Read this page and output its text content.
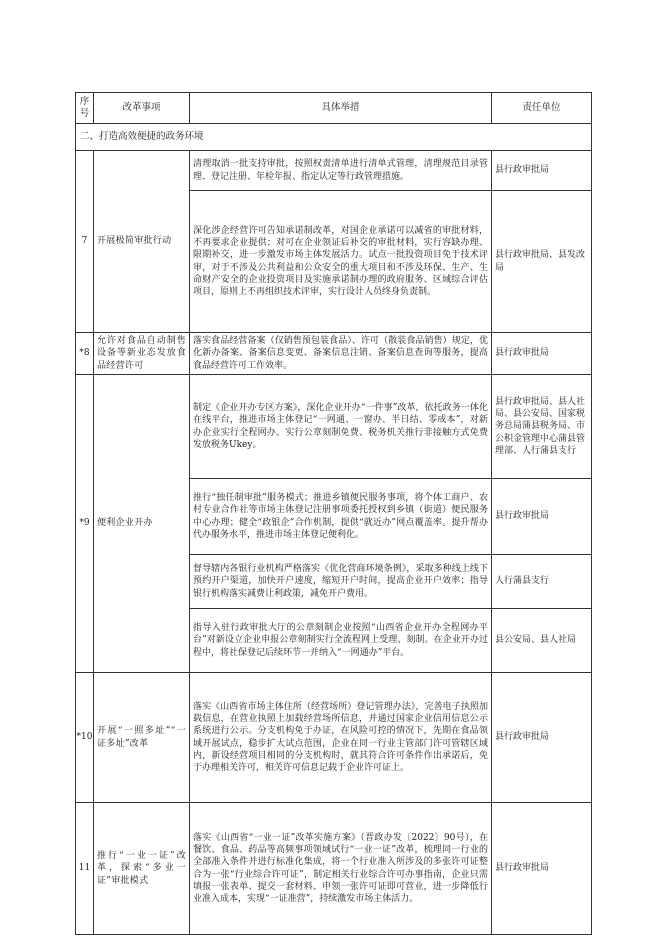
序号	改革事项	具体举措	责任单位
二、打造高效便捷的政务环境			
7	开展极简审批行动	清理取消一批支持审批，按照权责清单进行清单式管理，清理规范目录管理、登记注册、年检年报、指定认定等行政管理措施。	县行政审批局
		深化涉企经营许可告知承诺制改革，对国企业承诺可以减省的审批材料，不再要求企业提供；对可在企业领证后补交的审批材料，实行容缺办理、限期补交，进一步激发市场主体发展活力。试点一批投资项目免于技术评审，对于不涉及公共利益和公众安全的重大项目和不涉及环保、生产、生命财产安全的企业投资项目及实施承诺制办理的政府服务、区域综合评估项目，原则上不再组织技术评审，实行设计人员终身负责制。	县行政审批局、县发改局
*8	允许对食品自动制售设备等新业态发放食品经营许可	落实食品经营备案（仅销售预包装食品）、许可（散装食品销售）规定，优化新办备案、备案信息变更、备案信息注销、备案信息查询等服务，提高食品经营许可工作效率。	县行政审批局
*9	便利企业开办	制定《企业开办专区方案》，深化企业开办“一件事”改革，依托政务一体化在线平台，推进市场主体登记“一网通、一窗办、半日结、零成本”，对新办企业实行全程网办。实行公章刻制免费、税务机关推行非接触方式免费发放税务Ukey。	县行政审批局、县人社局、县公安局、国家税务总局蒲县税务局、市公积金管理中心蒲县管理部、人行蒲县支行
		推行“独任制审批”服务模式；推进乡镇便民服务事项，将个体工商户、农村专业合作社等市场主体登记注册事项委托授权到乡镇（街道）便民服务中心办理；健全“政银企”合作机制，提供“就近办”网点覆盖率。提升帮办代办服务水平，推进市场主体登记便利化。	县行政审批局
		督导辖内各银行业机构严格落实《优化营商环境条例》，采取多种线上线下预约开户渠道，加快开户速度，缩短开户时间，提高企业开户效率；指导银行机构落实减费让利政策，减免开户费用。	人行蒲县支行
		指导入驻行政审批大厅的公章刻制企业按照“山西省企业开办全程网办平台”对新设立企业申报公章刻制实行全流程网上受理、刻制。在企业开办过程中，将社保登记后续环节一并纳入“一网通办”平台。	县公安局、县人社局
*10	开展“一照多址”“一证多址”改革	落实《山西省市场主体住所（经营场所）登记管理办法》，完善电子执照加载信息，在营业执照上加载经营场所信息，并通过国家企业信用信息公示系统进行公示。分支机构免于办证，在风险可控的情况下，先期在食品领域开展试点，稳步扩大试点范围，企业在同一行业主管部门许可管辖区域内，新设经营项目相同的分支机构时，就其符合许可条件作出承诺后，免于办理相关许可，相关许可信息记载于企业许可证上。	县行政审批局
11	推行“一业一证”改革，探索“多业一证”审批模式	落实《山西省“一业一证”改革实施方案》（晋政办发〔2022〕90号），在餐饮、食品、药品等高频事项领域试行“一业一证”改革，梳理同一行业的全部准入条件并进行标准化集成，将一个行业准入所涉及的多张许可证整合为一张“行业综合许可证”，制定相关行业综合许可办事指南，企业只需填报一张表单、提交一套材料、申领一张许可证即可营业，进一步降低行业准入成本，实现“一证准营”，持续激发市场主体活力。	县行政审批局
